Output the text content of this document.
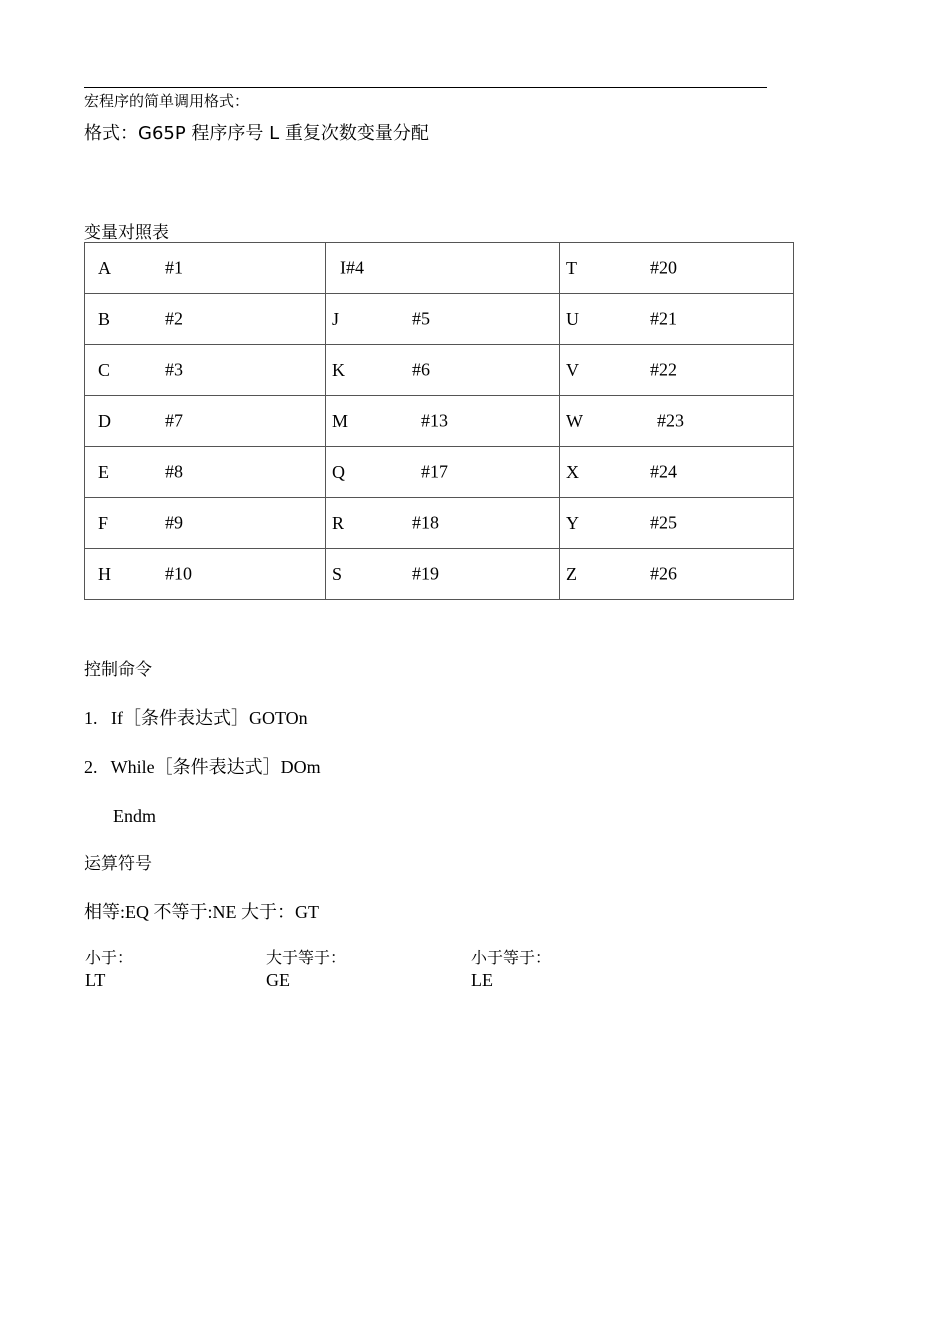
宏程序的简单调用格式：
格式：G65P 程序序号 L 重复次数变量分配
变量对照表
A #1	I#4	T #20

B #2	J #5	U #21

C #3	K #6	V #22

D #7	M #13	W #23

E #8	Q #17	X #24

F #9	R #18	Y #25

H #10	S #19	Z #26
控制命令
1.   If［条件表达式］GOTOn
2.   While［条件表达式］DOm
Endm
运算符号
相等:EQ 不等于:NE 大于：GT
小于：
LT
大于等于：
GE
小于等于：
LE
